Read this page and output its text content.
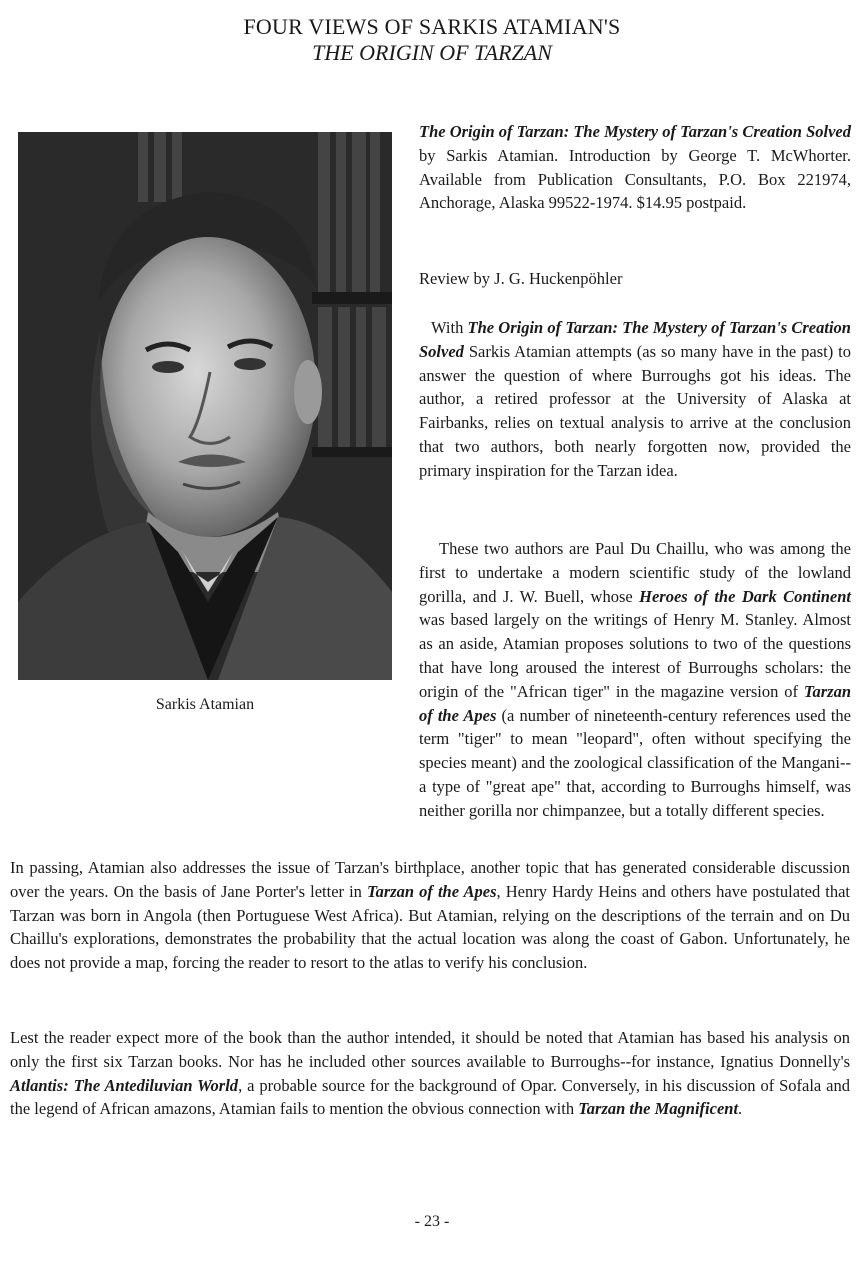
FOUR VIEWS OF SARKIS ATAMIAN'S
THE ORIGIN OF TARZAN
Sarkis Atamian

The Origin of Tarzan: The Mystery of Tarzan's Creation Solved by Sarkis Atamian. Introduction by George T. McWhorter. Available from Publication Consultants, P.O. Box 221974, Anchorage, Alaska 99522-1974. $14.95 postpaid.

Review by J. G. Huckenpöhler

With The Origin of Tarzan: The Mystery of Tarzan's Creation Solved Sarkis Atamian attempts (as so many have in the past) to answer the question of where Burroughs got his ideas. The author, a retired professor at the University of Alaska at Fairbanks, relies on textual analysis to arrive at the conclusion that two authors, both nearly forgotten now, provided the primary inspiration for the Tarzan idea.

These two authors are Paul Du Chaillu, who was among the first to undertake a modern scientific study of the lowland gorilla, and J. W. Buell, whose Heroes of the Dark Continent was based largely on the writings of Henry M. Stanley. Almost as an aside, Atamian proposes solutions to two of the questions that have long aroused the interest of Burroughs scholars: the origin of the "African tiger" in the magazine version of Tarzan of the Apes (a number of nineteenth-century references used the term "tiger" to mean "leopard", often without specifying the species meant) and the zoological classification of the Mangani--a type of "great ape" that, according to Burroughs himself, was neither gorilla nor chimpanzee, but a totally different species.

In passing, Atamian also addresses the issue of Tarzan's birthplace, another topic that has generated considerable discussion over the years. On the basis of Jane Porter's letter in Tarzan of the Apes, Henry Hardy Heins and others have postulated that Tarzan was born in Angola (then Portuguese West Africa). But Atamian, relying on the descriptions of the terrain and on Du Chaillu's explorations, demonstrates the probability that the actual location was along the coast of Gabon. Unfortunately, he does not provide a map, forcing the reader to resort to the atlas to verify his conclusion.

Lest the reader expect more of the book than the author intended, it should be noted that Atamian has based his analysis on only the first six Tarzan books. Nor has he included other sources available to Burroughs--for instance, Ignatius Donnelly's Atlantis: The Antediluvian World, a probable source for the background of Opar. Conversely, in his discussion of Sofala and the legend of African amazons, Atamian fails to mention the obvious connection with Tarzan the Magnificent.

- 23 -
